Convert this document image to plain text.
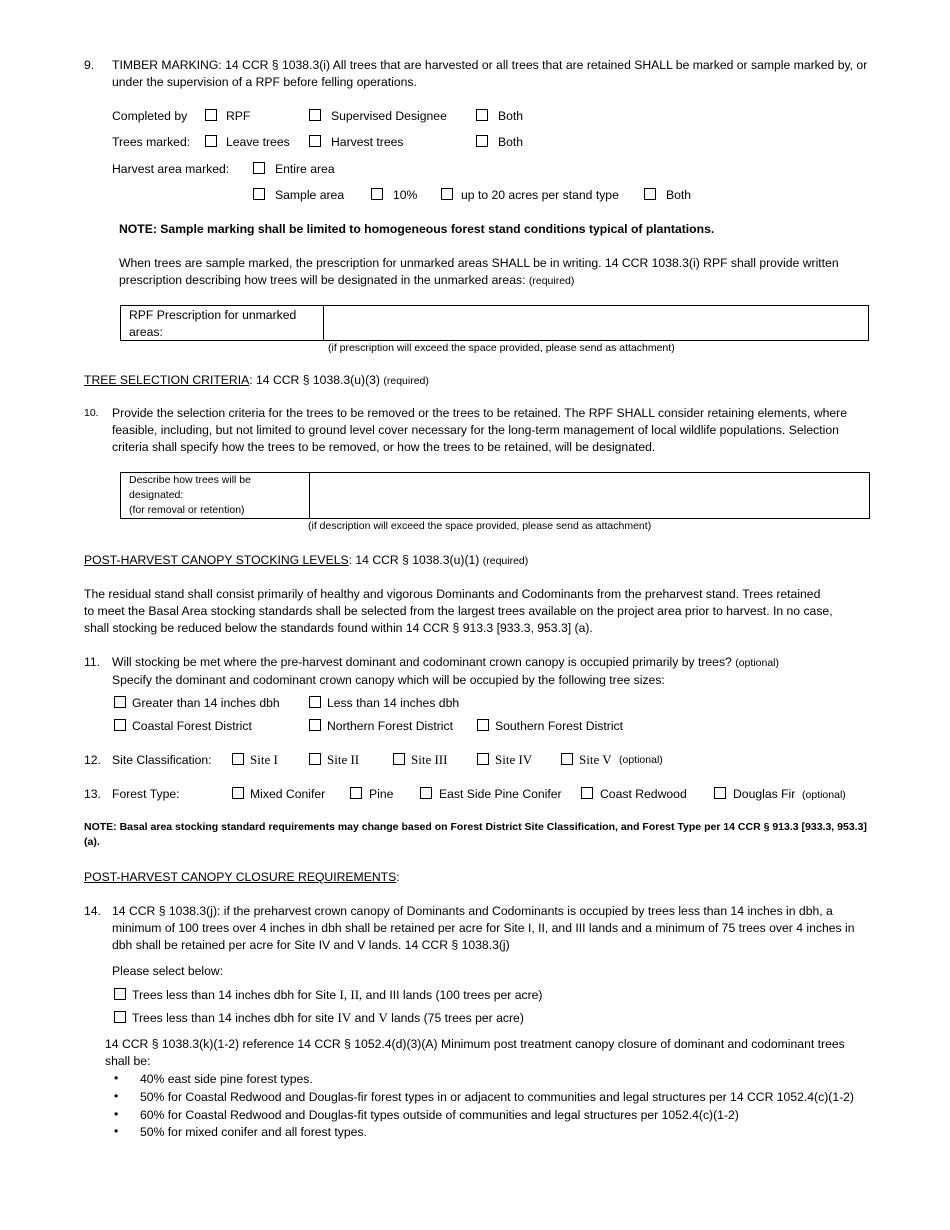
9. TIMBER MARKING: 14 CCR § 1038.3(i) All trees that are harvested or all trees that are retained SHALL be marked or sample marked by, or
under the supervision of a RPF before felling operations.
Completed by	RPF	Supervised Designee	Both
Trees marked:	Leave trees	Harvest trees	Both
Harvest area marked:	Entire area
Sample area	10%	up to 20 acres per stand type	Both

NOTE: Sample marking shall be limited to homogeneous forest stand conditions typical of plantations.

When trees are sample marked, the prescription for unmarked areas SHALL be in writing. 14 CCR 1038.3(i) RPF shall provide written

prescription describing how trees will be designated in the unmarked areas: (required)

RPF Prescription for unmarked
areas:
(if prescription will exceed the space provided, please send as attachment)

TREE SELECTION CRITERIA: 14 CCR § 1038.3(u)(3) (required)

10. Provide the selection criteria for the trees to be removed or the trees to be retained. The RPF SHALL consider retaining elements, where
feasible, including, but not limited to ground level cover necessary for the long-term management of local wildlife populations. Selection
criteria shall specify how the trees to be removed, or how the trees to be retained, will be designated.
Describe how trees will be
designated:
(for removal or retention)
(if description will exceed the space provided, please send as attachment)

POST-HARVEST CANOPY STOCKING LEVELS: 14 CCR § 1038.3(u)(1) (required)

The residual stand shall consist primarily of healthy and vigorous Dominants and Codominants from the preharvest stand. Trees retained
to meet the Basal Area stocking standards shall be selected from the largest trees available on the project area prior to harvest. In no case,
shall stocking be reduced below the standards found within 14 CCR § 913.3 [933.3, 953.3] (a).
11. Will stocking be met where the pre-harvest dominant and codominant crown canopy is occupied primarily by trees? (optional)

Specify the dominant and codominant crown canopy which will be occupied by the following tree sizes:
Greater than 14 inches dbh	Less than 14 inches dbh
Coastal Forest District	Northern Forest District	Southern Forest District
12. Site Classification:	Site I	Site II	Site III	Site IV	Site V (optional)
13. Forest Type:	Mixed Conifer	Pine	East Side Pine Conifer	Coast Redwood	Douglas Fir (optional)
NOTE: Basal area stocking standard requirements may change based on Forest District Site Classification, and Forest Type per 14 CCR § 913.3 [933.3, 953.3]
(a).

POST-HARVEST CANOPY CLOSURE REQUIREMENTS:

14. 14 CCR § 1038.3(j): if the preharvest crown canopy of Dominants and Codominants is occupied by trees less than 14 inches in dbh, a
minimum of 100 trees over 4 inches in dbh shall be retained per acre for Site I, II, and III lands and a minimum of 75 trees over 4 inches in
dbh shall be retained per acre for Site IV and V lands. 14 CCR § 1038.3(j)
Please select below:

Trees less than 14 inches dbh for Site I, II, and III lands (100 trees per acre)

Trees less than 14 inches dbh for site IV and V lands (75 trees per acre)

14 CCR § 1038.3(k)(1-2) reference 14 CCR § 1052.4(d)(3)(A) Minimum post treatment canopy closure of dominant and codominant trees
shall be:
• 40% east side pine forest types.
• 50% for Coastal Redwood and Douglas-fir forest types in or adjacent to communities and legal structures per 14 CCR 1052.4(c)(1-2)
• 60% for Coastal Redwood and Douglas-fit types outside of communities and legal structures per 1052.4(c)(1-2)
• 50% for mixed conifer and all forest types.
